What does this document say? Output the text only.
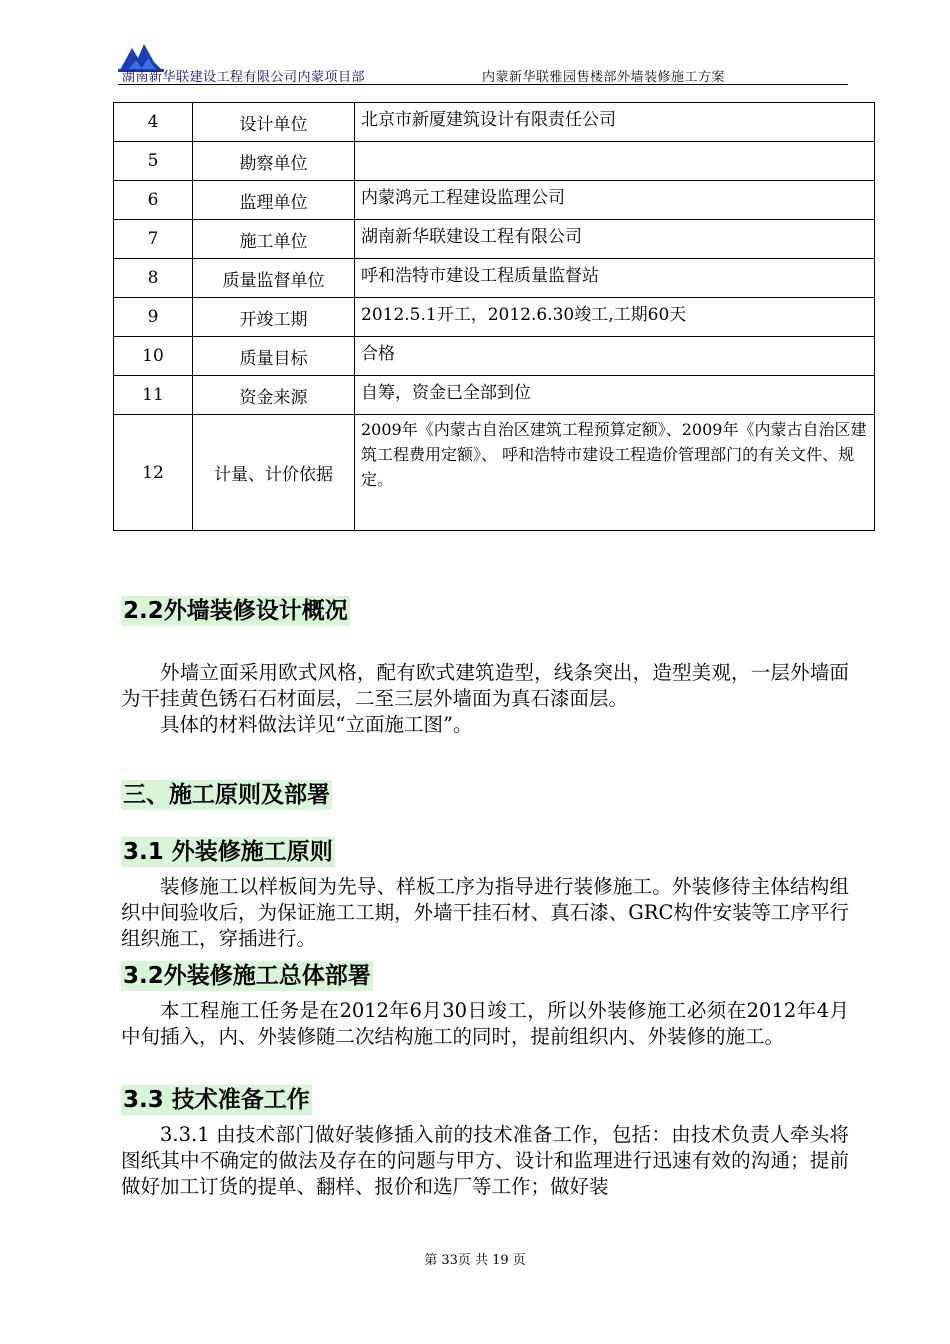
湖南新华联建设工程有限公司内蒙项目部	内蒙新华联雅园售楼部外墙装修施工方案
4	设计单位	北京市新厦建筑设计有限责任公司
5	勘察单位	
6	监理单位	内蒙鸿元工程建设监理公司
7	施工单位	湖南新华联建设工程有限公司
8	质量监督单位	呼和浩特市建设工程质量监督站
9	开竣工期	2012.5.1开工，2012.6.30竣工,工期60天
10	质量目标	合格
11	资金来源	自筹，资金已全部到位
12	计量、计价依据	2009年《内蒙古自治区建筑工程预算定额》、2009年《内蒙古自治区建筑工程费用定额》、 呼和浩特市建设工程造价管理部门的有关文件、规定。
2.2外墙装修设计概况

外墙立面采用欧式风格，配有欧式建筑造型，线条突出，造型美观，一层外墙面为干挂黄色锈石石材面层，二至三层外墙面为真石漆面层。

具体的材料做法详见“立面施工图”。

三、施工原则及部署
3.1 外装修施工原则

装修施工以样板间为先导、样板工序为指导进行装修施工。外装修待主体结构组织中间验收后，为保证施工工期，外墙干挂石材、真石漆、GRC构件安装等工序平行组织施工，穿插进行。

3.2外装修施工总体部署

本工程施工任务是在2012年6月30日竣工，所以外装修施工必须在2012年4月中旬插入，内、外装修随二次结构施工的同时，提前组织内、外装修的施工。

3.3 技术准备工作

3.3.1 由技术部门做好装修插入前的技术准备工作，包括：由技术负责人牵头将图纸其中不确定的做法及存在的问题与甲方、设计和监理进行迅速有效的沟通；提前做好加工订货的提单、翻样、报价和选厂等工作；做好装

第 33页 共 19 页
